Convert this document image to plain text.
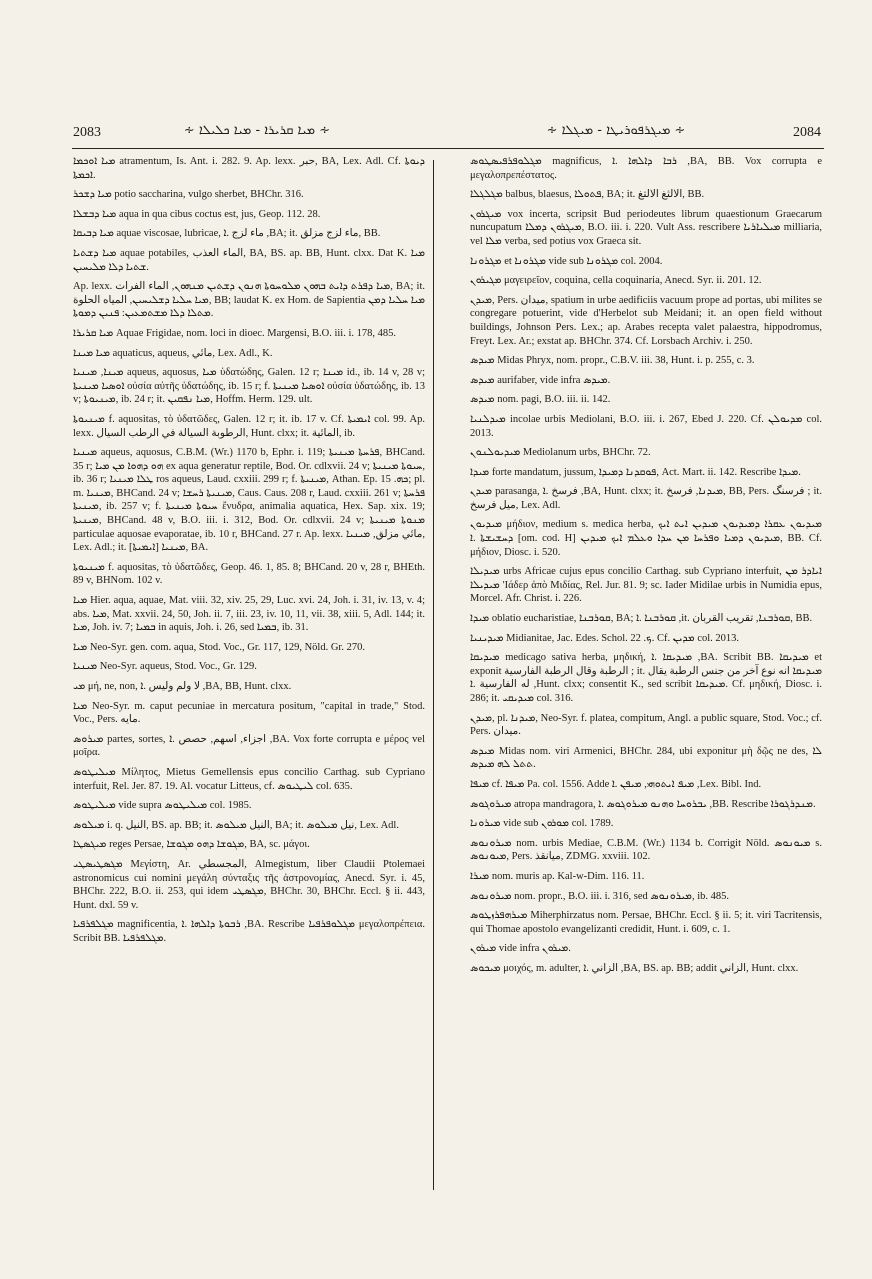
2083	∻ ܡܝܐ ܩܪܝܪܐ - ܡܝܐ ܟܠܝܠܐ ∻	∻ ܡܝܓܪܦܘܪܝܛܐ - ܡܝܓܠܐ ∻	2084

ܡܝܐ ܐܘܟܡܐ atramentum, Is. Ant. i. 282. 9. Ap. lexx. حبر, BA, Lex. Adl. Cf. ܕܝܘܬܐ ܐܟܡܬܐ.

ܡܝܐ ܕܫܟܪ potio saccharina, vulgo sherbet, BHChr. 316.

ܡܝܐ ܕܒܫܠܐ aqua in qua cibus coctus est, jus, Geop. 112. 28.

ܡܝܐ ܕܒܝܩܐ aquae viscosae, lubricae, ماء لزج .ܐ ,BA; it. ماء لزج مزلق, BB.

ܡܝܐ ܕܫܬܝܐ aquae potabiles, الماء العذب, BA, BS. ap. BB, Hunt. clxx. Dat K. ܡܝܐ ܫܬܝܐ ܕܠܐ ܡܠܝܚܝܢ.

Ap. lexx. ܡܝܐ ܕܦܪܬ ܕܐܝܬ ܒܗܘܢ ܡܠܘܚܘܬܐ ܗܢܘܢ ܕܫܬܝܢ ܡܢܗܘܢ, الماء الفرات, BA; it. ܡܝܐ ܚܠܝܐ ܕܫܠܝܚܝܢ, المياه الحلوة, BB; laudat K. ex Hom. de Sapientia ܡܝܐ ܚܠܝܐ ܕܡܢ ܡܬܠܐ ܕܠܐ ܡܫܬܡܥܝܢ: ܦܢܝܢ ܕܡܘܬܐ.

ܡܝܐ ܩܪܝܪܐ Aquae Frigidae, nom. loci in dioec. Margensi, B.O. iii. i. 178, 485.

ܡܝܐ ܡܝܢܐ aquaticus, aqueus, مائي, Lex. Adl., K.

ܡܝܢܐ, ܡܝܢܝܐ aqueus, aquosus, ܡܝܐ ὑδατώδης, Galen. 12 r; ܡܝܢܐ id., ib. 14 v, 28 v; ܐܘܣܝܐ ܡܝܢܝܬܐ οὐσία αὐτῆς ὑδατώδης, ib. 15 r; f. ܐܘܣܝܐ ܡܝܢܝܬܐ οὐσία ὑδατώδης, ib. 13 v; ܡܝܢܝܘܬܐ, ib. 24 r; it. ܡܝܐ ܢܦܩܝܢ, Hoffm. Herm. 129. ult.

ܡܝܢܝܘܬܐ f. aquositas, τὸ ὑδατῶδες, Galen. 12 r; it. ib. 17 v. Cf. ܐܝܡܝܬܐ col. 99. Ap. lexx. الرطوبة السيالة في الرطب السيال, Hunt. clxx; it. المائية, ib.

ܡܝܢܝܐ aqueus, aquosus, C.B.M. (Wr.) 1170 b, Ephr. i. 119; ܦܪܚܬܐ ܡܝܢܝܬܐ, BHCand. 35 r; ܗܘ ܕܗܘܐ ܡܢ ܡܝܐ ex aqua generatur reptile, Bod. Or. cdlxvii. 24 v; ܚܝܘܬܐ ܡܝܢܝܬܐ, ib. 36 r; ܛܠܐ ܡܝܢܝܐ ros aqueus, Laud. cxxiii. 299 r; f. ܡܝܢܝܬܐ, Athan. Ep. ܟܗ. 15; pl. m. ܡܝܢܝܐ, BHCand. 24 v; ܡܝܢܝܬܐ ܪܚܫܐ, Caus. Caus. 208 r, Laud. cxxiii. 261 v; ܦܪܚܬܐ ܡܝܢܝܬܐ, ib. 257 v; f. ܚܝܘܬܐ ܡܝܢܝܬܐ ἔνυδρα, animalia aquatica, Hex. Sap. xix. 19; ܡܝܢܝܬܐ, BHCand. 48 v, B.O. iii. i. 312, Bod. Or. cdlxvii. 24 v; ܡܢܘܬܐ ܡܝܢܝܬܐ particulae aquosae evaporatae, ib. 10 r, BHCand. 27 r. Ap. lexx. مائي مزلق, ܡܝܢܝܐ, Lex. Adl.; it. ܡܝܢܝܐ [ܐܝܡܝܬܐ], BA.

ܡܝܢܝܘܬܐ f. aquositas, τὸ ὑδατῶδες, Geop. 46. 1, 85. 8; BHCand. 20 v, 28 r, BHEth. 89 v, BHNom. 102 v.

ܡܝܐ Hier. aqua, aquae, Mat. viii. 32, xiv. 25, 29, Luc. xvi. 24, Joh. i. 31, iv. 13, v. 4; abs. ܡܝܐ, Mat. xxvii. 24, 50, Joh. ii. 7, iii. 23, iv. 10, 11, vii. 38, xiii. 5, Adl. 144; it. ܡܝܐ, Joh. iv. 7; ܒܡܝܐ in aquis, Joh. i. 26, sed ܒܡܝܐ, ib. 31.

ܡܝܐ Neo-Syr. gen. com. aqua, Stod. Voc., Gr. 117, 129, Nöld. Gr. 270.

ܡܝܢܝܐ Neo-Syr. aqueus, Stod. Voc., Gr. 129.

ܡܝ μή, ne, non, لا ولم وليس .ܐ ,BA, BB, Hunt. clxx.

ܡܝܐ Neo-Syr. m. caput pecuniae in mercatura positum, "capital in trade," Stod. Voc., Pers. مايه.

ܡܝܪܘܣ partes, sortes, اجزاء, اسهم, حصص .ܐ ,BA. Vox forte corrupta e μέρος vel μοῖρα.

ܡܝܠܝܛܘܣ Μίλητος, Mietus Gemellensis epus concilio Carthag. sub Cypriano interfuit, Rel. Jer. 87. 19. Al. vocatur Litteus, cf. ܠܝܛܝܘܣ col. 635.

ܡܝܠܝܛܘܣ vide supra ܡܝܠܝܛܘܣ col. 1985.

ܡܝܠܘܣ i. q. النيل, BS. ap. BB; it. النيل ܡܝܠܘܣ, BA; it. نيل ܡܝܠܘܣ, Lex. Adl.

ܡܝܓܣܛܐ reges Persae, ܡܓܘܫܐ ܕܗܘ ܡܓܘܫܐ, BA, sc. μάγοι.

ܡܓܣܛܝܣܛܝ Μεγίστη, Ar. المجسطي, Almegistum, liber Claudii Ptolemaei astronomicus cui nomini μεγάλη σύνταξις τῆς ἀστρονομίας, Anecd. Syr. i. 45, BHChr. 222, B.O. ii. 253, qui idem ܡܓܣܛܝ, BHChr. 30, BHChr. Eccl. § ii. 443, Hunt. dxl. 59 v.

ܡܓܠܦܪܦܝܐ magnificentia, ܪܒܘܬܐ ܕܐܠܗܐ .ܐ ,BA. Rescribe ܡܓܠܘܦܪܦܝܐ μεγαλοπρέπεια. Scribit BB. ܡܓܠܦܪܦܝܐ.

ܡܓܠܘܦܪܦܝܣܛܘܣ magnificus, ܪܒܐ ܕܐܠܗܐ .ܐ ,BA, BB. Vox corrupta e μεγαλοπρεπέστατος.

ܡܓܠܓܠܐ balbus, blaesus, ܦܬܘܠܐ, BA; it. الالثغ الالتغ, BB.

ܡܝܓܪܘܢ vox incerta, scripsit Bud periodeutes librum quaestionum Graecarum nuncupatum ܡܝܓܪܘܢ ܕܡܠܐ, B.O. iii. i. 220. Vult Ass. rescribere ܡܝܠܝܐܪܝܐ milliaria, vel ܡܠܐ verba, sed potius vox Graeca sit.

ܡܓܪܘܢܐ et ܡܓܪܘܢܐ vide sub ܡܓܪܘܢܐ col. 2004.

ܡܓܝܪܘܢ μαγειρεῖον, coquina, cella coquinaria, Anecd. Syr. ii. 201. 12.

ܡܝܕܢ, Pers. ميدان, spatium in urbe aedificiis vacuum prope ad portas, ubi milites se congregare potuerint, vide d'Herbelot sub Meidani; it. an open field without buildings, Johnson Pers. Lex.; ap. Arabes recepta valet palaestra, hippodromus, Freyt. Lex. Ar.; exstat ap. BHChr. 374. Cf. Lorsbach Archiv. i. 250.

ܡܝܕܣ Midas Phryx, nom. propr., C.B.V. iii. 38, Hunt. i. p. 255, c. 3.

ܡܝܕܣ aurifaber, vide infra ܡܝܕܣ.

ܡܝܕܣ nom. pagi, B.O. iii. ii. 142.

ܡܝܕܠܢܝܐ incolae urbis Mediolani, B.O. iii. i. 267, Ebed J. 220. Cf. ܡܕܝܘܠܢ col. 2013.

ܡܝܕܝܘܠܢܘܢ Mediolanum urbs, BHChr. 72.

ܡܝܕܐ forte mandatum, jussum, ܦܘܩܕܢܐ ܕܡܝܕܐ, Act. Mart. ii. 142. Rescribe ܡܝܕܐ.

ܡܝܕܢ parasanga, فرسخ .ܐ ,BA, Hunt. clxx; it. ܡܝܕܢܐ, فرسخ, BB, Pers. فرسنگ ; it. ميل فرسخ, Lex. Adl.

ܡܝܕܝܘܢ μήδιον, medium s. medica herba, ܡܝܕܝܘܢ ܥܩܪܐ ܕܡܝܕܝܘܢ ܡܝܕܝܢ ܐܝܬ ܐܝܟ ܕܚܫܝܫܬܐ .ܐ [om. cod. H] ܡܝܕܝܘܢ ܕܡܝܐ ܘܦܪܚܐ ܡܢ ܚܕܐ ܘܥܠܡ ܐܝܟ ܡܝܕܝܢ, BB. Cf. μήδιον, Diosc. i. 520.

ܡܝܕܝܠܐ urbs Africae cujus epus concilio Carthag. sub Cypriano interfuit, ܐܝܐܕܪ ܡܢ ܡܝܕܝܠܐ 'Ιάδερ ἀπὸ Μιδίας, Rel. Jur. 81. 9; sc. Iader Midilae urbis in Numidia epus, Morcel. Afr. Christ. i. 226.

ܡܝܕܐ oblatio eucharistiae, ܩܘܪܒܢܐ, BA; ܩܘܪܒܢܐ .ܐ ,it. ܩܘܪܒܢܐ, تقريب القربان, BB.

ܡܝܕܝܢܝܐ Midianitae, Jac. Edes. Schol. ܟ. 22. Cf. ܡܕܝܢ col. 2013.

ܡܝܕܝܩܐ medicago sativa herba, μηδική, ܡܝܕܝܩܐ .ܐ ,BA. Scribit BB. ܡܝܕܝܩܐ et exponit الرطبة وقال الرطبة الفارسية ; it. ܡܝܕܝܩܐ انه نوع آخر من جنس الرطبة يقال له الفارسية .ܐ ,Hunt. clxx; consentit K., sed scribit ܡܝܕܝܩܐ. Cf. μηδική, Diosc. i. 286; it. ܡܝܕܝܩܝ col. 316.

ܡܝܕܢ, pl. ܡܝܕܢܐ, Neo-Syr. f. platea, compitum, Angl. a public square, Stod. Voc.; cf. Pers. ميدان.

ܡܝܕܣ Midas nom. viri Armenici, BHChr. 284, ubi exponitur μὴ δῷς ne des, ܠܐ ܬܬܠ ܠܗ ܡܝܕܣ.

ܡܝܦܐ cf. ܡܝܦܐ Pa. col. 1556. Adde ܡܝܦ ܐܝܬܘܗܝ, ܡܝܦܢ .ܐ ,Lex. Bibl. Ind.

ܡܝܪܘܓܘܣ atropa mandragora, ܝܒܪܘܚܐ ܘܗܢܘ ܡܝܪܘܓܘܣ .ܐ ,BB. Rescribe ܡܢܕܪܓܘܪܐ.

ܡܝܪܘܢܐ vide sub ܡܘܪܘܢ col. 1789.

ܡܝܪܘܢܘܣ nom. urbis Mediae, C.B.M. (Wr.) 1134 b. Corrigit Nöld. ܡܝܘܢܘܣ s. ܡܝܘܢܘܣ, Pers. ميانقذ, ZDMG. xxviii. 102.

ܡܝܪܐ nom. muris ap. Kal-w-Dim. 116. 11.

ܡܝܪܘܢܘܣ nom. propr., B.O. iii. i. 316, sed ܡܝܪܘܢܘܣ, ib. 485.

ܡܝܪܗܦܪܙܛܘܣ Miherphirzatus nom. Persae, BHChr. Eccl. § ii. 5; it. viri Tacritensis, qui Thomae apostolo evangelizanti credidit, Hunt. i. 609, c. 1.

ܡܝܪܘܢ vide infra ܡܝܪܘܢ.

ܡܝܟܘܣ μοιχός, m. adulter, الزاني .ܐ ,BA, BS. ap. BB; addit الزاني, Hunt. clxx.
